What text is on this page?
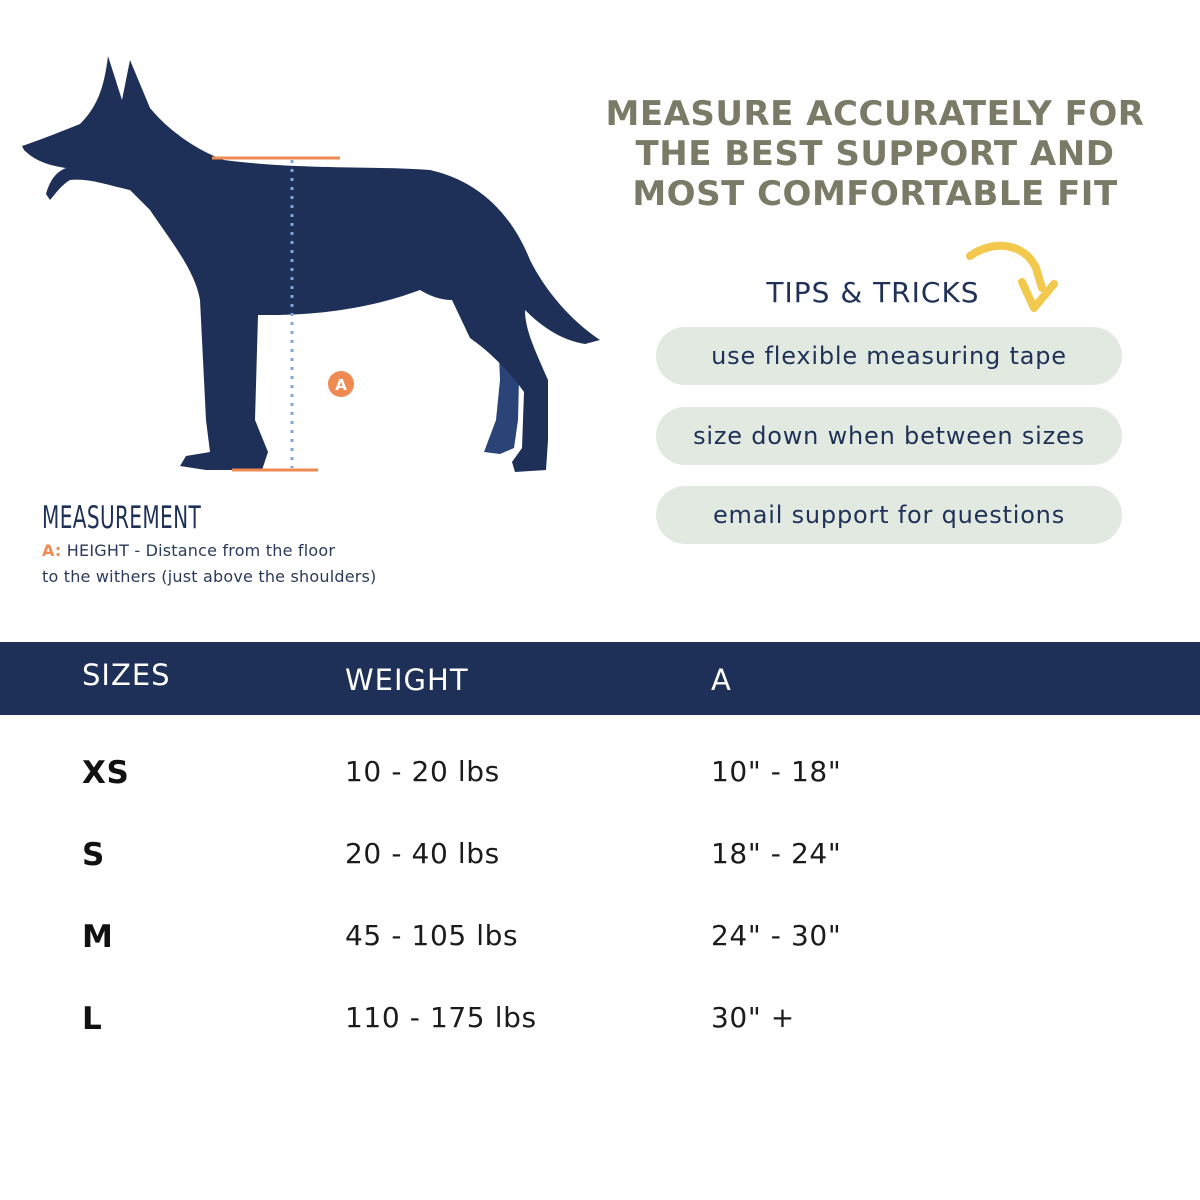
A
MEASUREMENT
A: HEIGHT - Distance from the floor
to the withers (just above the shoulders)
MEASURE ACCURATELY FOR
THE BEST SUPPORT AND
MOST COMFORTABLE FIT
TIPS & TRICKS
use flexible measuring tape
size down when between sizes
email support for questions
SIZES	WEIGHT	A
XS	10 - 20 lbs	10" - 18"
S	20 - 40 lbs	18" - 24"
M	45 - 105 lbs	24" - 30"
L	110 - 175 lbs	30" +
